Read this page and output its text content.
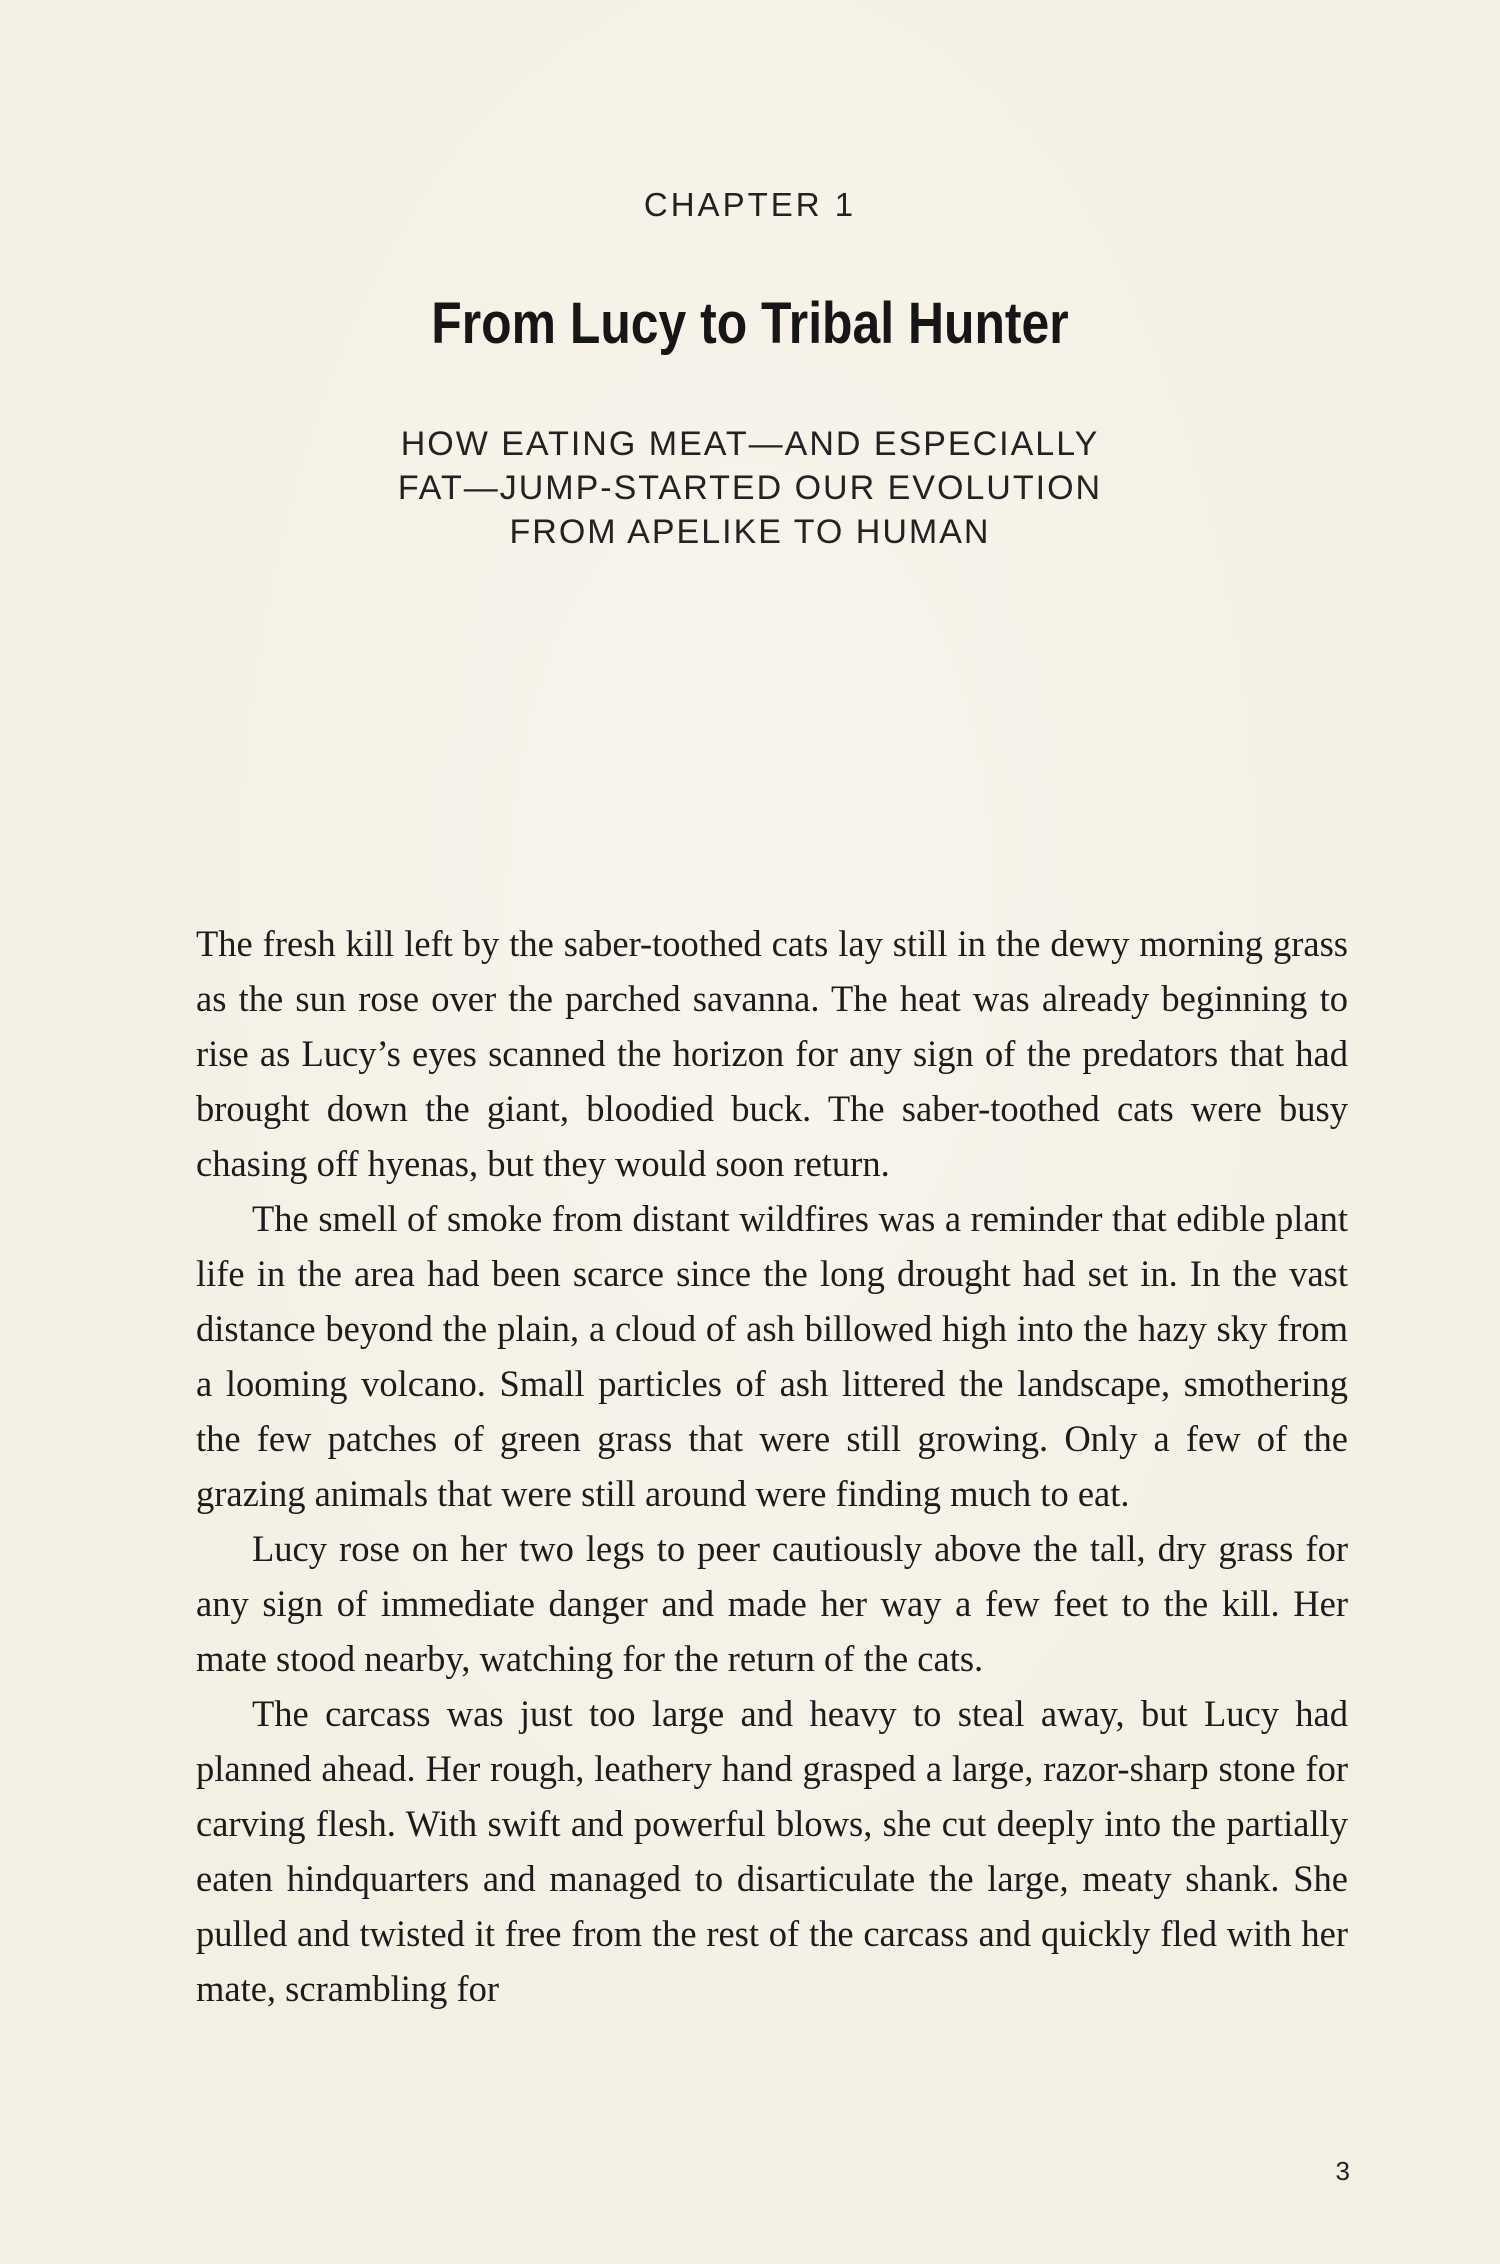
CHAPTER 1
From Lucy to Tribal Hunter
HOW EATING MEAT—AND ESPECIALLY
FAT—JUMP-STARTED OUR EVOLUTION
FROM APELIKE TO HUMAN

The fresh kill left by the saber-toothed cats lay still in the dewy morning grass as the sun rose over the parched savanna. The heat was already beginning to rise as Lucy’s eyes scanned the horizon for any sign of the predators that had brought down the giant, bloodied buck. The saber-toothed cats were busy chasing off hyenas, but they would soon return.

The smell of smoke from distant wildfires was a reminder that edible plant life in the area had been scarce since the long drought had set in. In the vast distance beyond the plain, a cloud of ash billowed high into the hazy sky from a looming volcano. Small particles of ash littered the landscape, smothering the few patches of green grass that were still growing. Only a few of the grazing animals that were still around were finding much to eat.

Lucy rose on her two legs to peer cautiously above the tall, dry grass for any sign of immediate danger and made her way a few feet to the kill. Her mate stood nearby, watching for the return of the cats.

The carcass was just too large and heavy to steal away, but Lucy had planned ahead. Her rough, leathery hand grasped a large, razor-sharp stone for carving flesh. With swift and powerful blows, she cut deeply into the partially eaten hindquarters and managed to disarticulate the large, meaty shank. She pulled and twisted it free from the rest of the carcass and quickly fled with her mate, scrambling for

3
